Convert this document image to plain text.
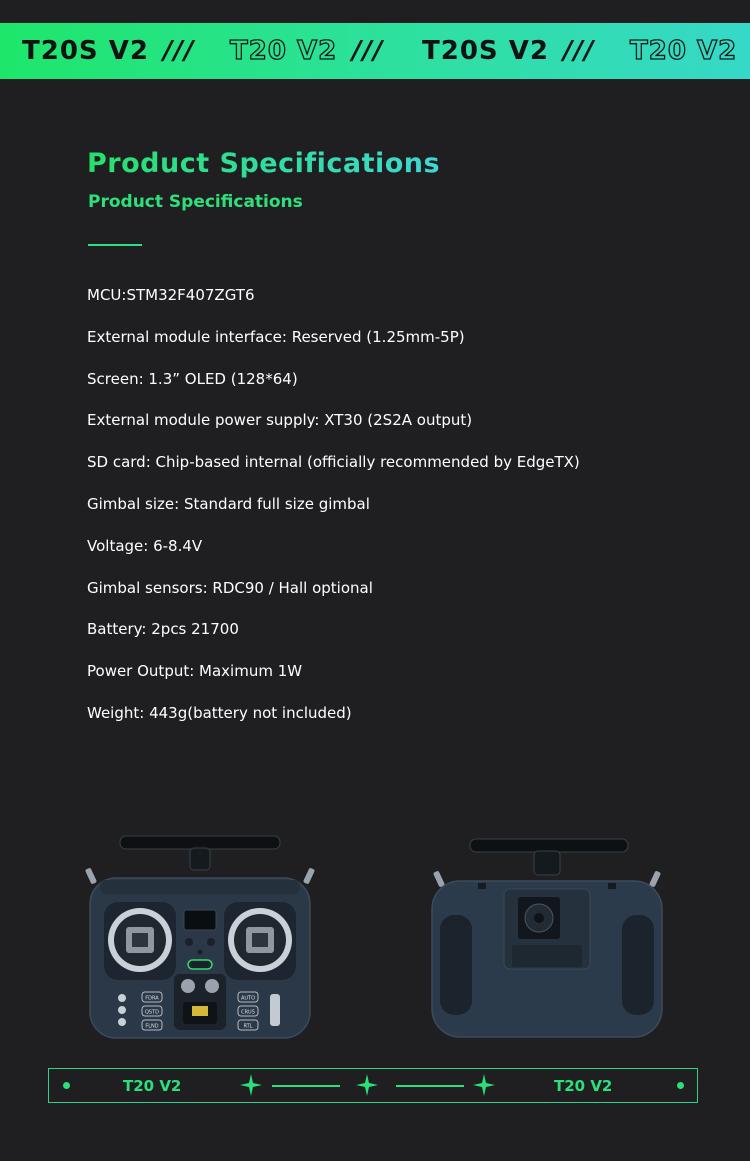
T20S V2 /// T20 V2 /// T20S V2 /// T20 V2
Product Specifications
Product Specifications
MCU:STM32F407ZGT6
External module interface: Reserved (1.25mm-5P)
Screen: 1.3” OLED (128*64)
External module power supply: XT30 (2S2A output)
SD card: Chip-based internal (officially recommended by EdgeTX)
Gimbal size: Standard full size gimbal
Voltage: 6-8.4V
Gimbal sensors: RDC90 / Hall optional
Battery: 2pcs 21700
Power Output: Maximum 1W
Weight: 443g(battery not included)
FDRA
QSTD
FLND
AUTO
CRUS
RTL
T20 V2	T20 V2
